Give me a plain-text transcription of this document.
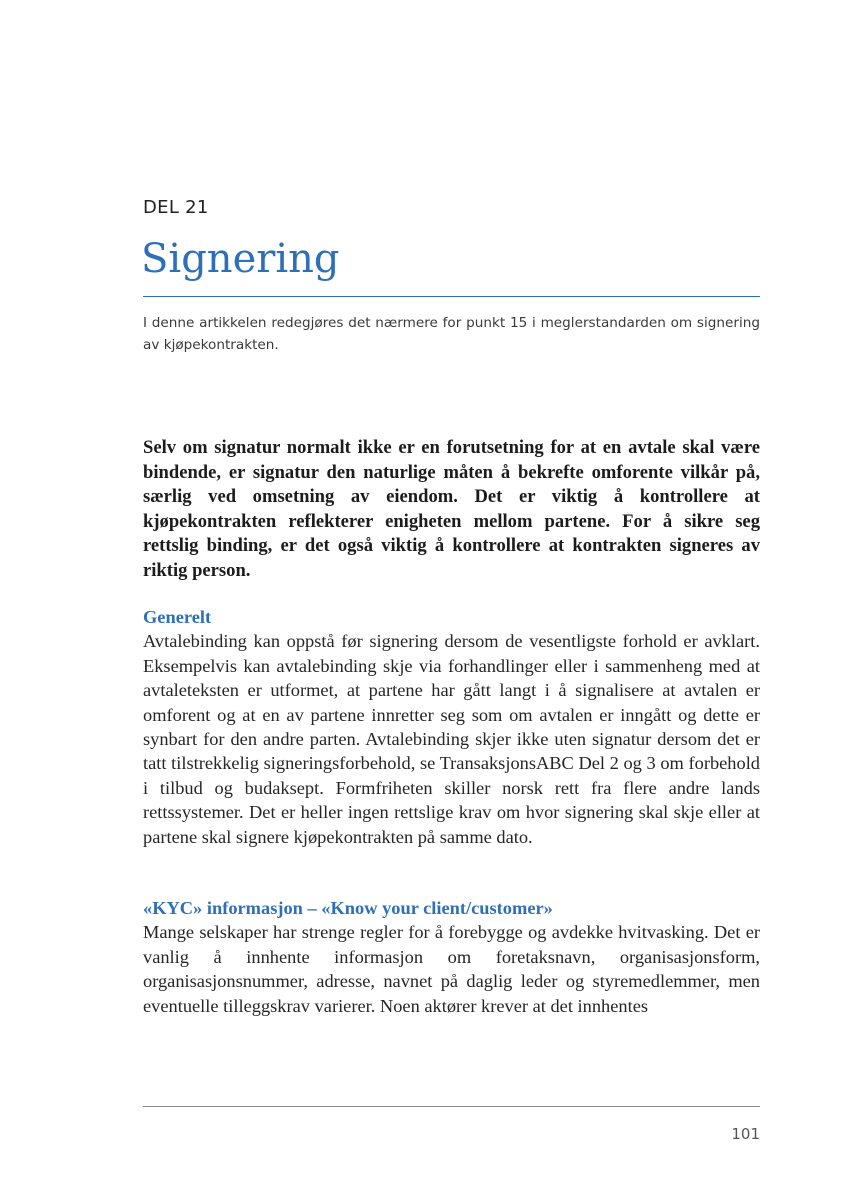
DEL 21
Signering
I denne artikkelen redegjøres det nærmere for punkt 15 i meglerstandarden om signering av kjøpekontrakten.
Selv om signatur normalt ikke er en forutsetning for at en avtale skal være bindende, er signatur den naturlige måten å bekrefte omforente vilkår på, særlig ved omsetning av eiendom. Det er viktig å kontrollere at kjøpekontrakten reflekterer enigheten mellom partene. For å sikre seg rettslig binding, er det også viktig å kontrollere at kontrakten signeres av riktig person.
Generelt
Avtalebinding kan oppstå før signering dersom de vesentligste forhold er avklart. Eksempelvis kan avtalebinding skje via forhandlinger eller i sammenheng med at avtaleteksten er utformet, at partene har gått langt i å signalisere at avtalen er omforent og at en av partene innretter seg som om avtalen er inngått og dette er synbart for den andre parten. Avtalebinding skjer ikke uten signatur dersom det er tatt tilstrekkelig signeringsforbehold, se TransaksjonsABC Del 2 og 3 om forbehold i tilbud og budaksept. Formfriheten skiller norsk rett fra flere andre lands rettssystemer. Det er heller ingen rettslige krav om hvor signering skal skje eller at partene skal signere kjøpekontrakten på samme dato.
«KYC» informasjon – «Know your client/customer»
Mange selskaper har strenge regler for å forebygge og avdekke hvitvasking. Det er vanlig å innhente informasjon om foretaksnavn, organisasjonsform, organisasjonsnummer, adresse, navnet på daglig leder og styremedlemmer, men eventuelle tilleggskrav varierer. Noen aktører krever at det innhentes
101
